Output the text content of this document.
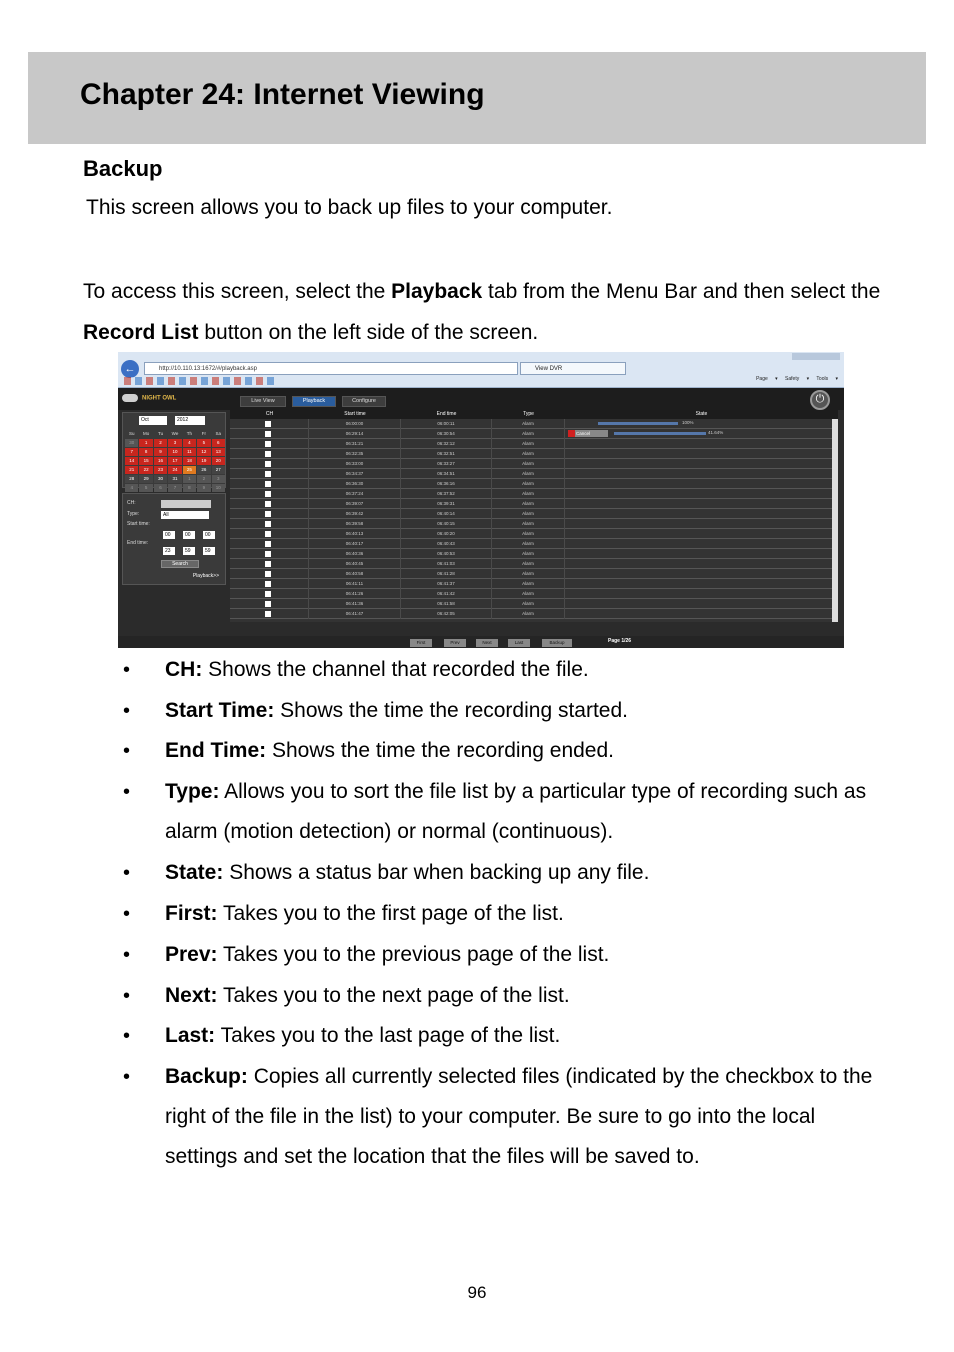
Chapter 24: Internet Viewing
Backup

This screen allows you to back up files to your computer.

To access this screen, select the Playback tab from the Menu Bar and then select the Record List button on the left side of the screen.

←	http://10.110.13:1672/#/playback.asp	View DVR
Page ▾ Safety ▾ Tools ▾
NIGHT OWL	Live View	Playback	Configure	⏻
Oct	2012
Su	Mo	Tu	We	Th	Fr	Sa
30	1	2	3	4	5	6
7	8	9	10	11	12	13
14	15	16	17	18	19	20
21	22	23	24	25	26	27
28	29	30	31	1	2	3
4	5	6	7	8	9	10
CH:
Type:	All
Start time:
00	00	00
End time:
23	59	59
Search
Playback>>
CH	Start time	End time	Type	State
06:00:00	06:00:11	Alarm	100%
06:29:14	06:30:54	Alarm	Cancel	41.64%
06:31:21	06:32:12	Alarm
06:32:35	06:32:51	Alarm
06:33:00	06:33:27	Alarm
06:34:37	06:34:51	Alarm
06:36:30	06:36:16	Alarm
06:37:24	06:37:52	Alarm
06:39:07	06:39:31	Alarm
06:39:42	06:40:14	Alarm
06:39:58	06:40:15	Alarm
06:40:13	06:40:20	Alarm
06:40:17	06:40:43	Alarm
06:40:36	06:40:53	Alarm
06:40:45	06:41:03	Alarm
06:40:58	06:41:28	Alarm
06:41:11	06:41:37	Alarm
06:41:26	06:41:42	Alarm
06:41:36	06:41:58	Alarm
06:41:47	06:42:05	Alarm
First	Prev	Next	Last	Backup	Page 1/26
• CH: Shows the channel that recorded the file.
• Start Time: Shows the time the recording started.
• End Time: Shows the time the recording ended.
• Type: Allows you to sort the file list by a particular type of recording such as alarm (motion detection) or normal (continuous).
• State: Shows a status bar when backing up any file.
• First: Takes you to the first page of the list.
• Prev: Takes you to the previous page of the list.
• Next: Takes you to the next page of the list.
• Last: Takes you to the last page of the list.
• Backup: Copies all currently selected files (indicated by the checkbox to the right of the file in the list) to your computer. Be sure to go into the local settings and set the location that the files will be saved to.
96
